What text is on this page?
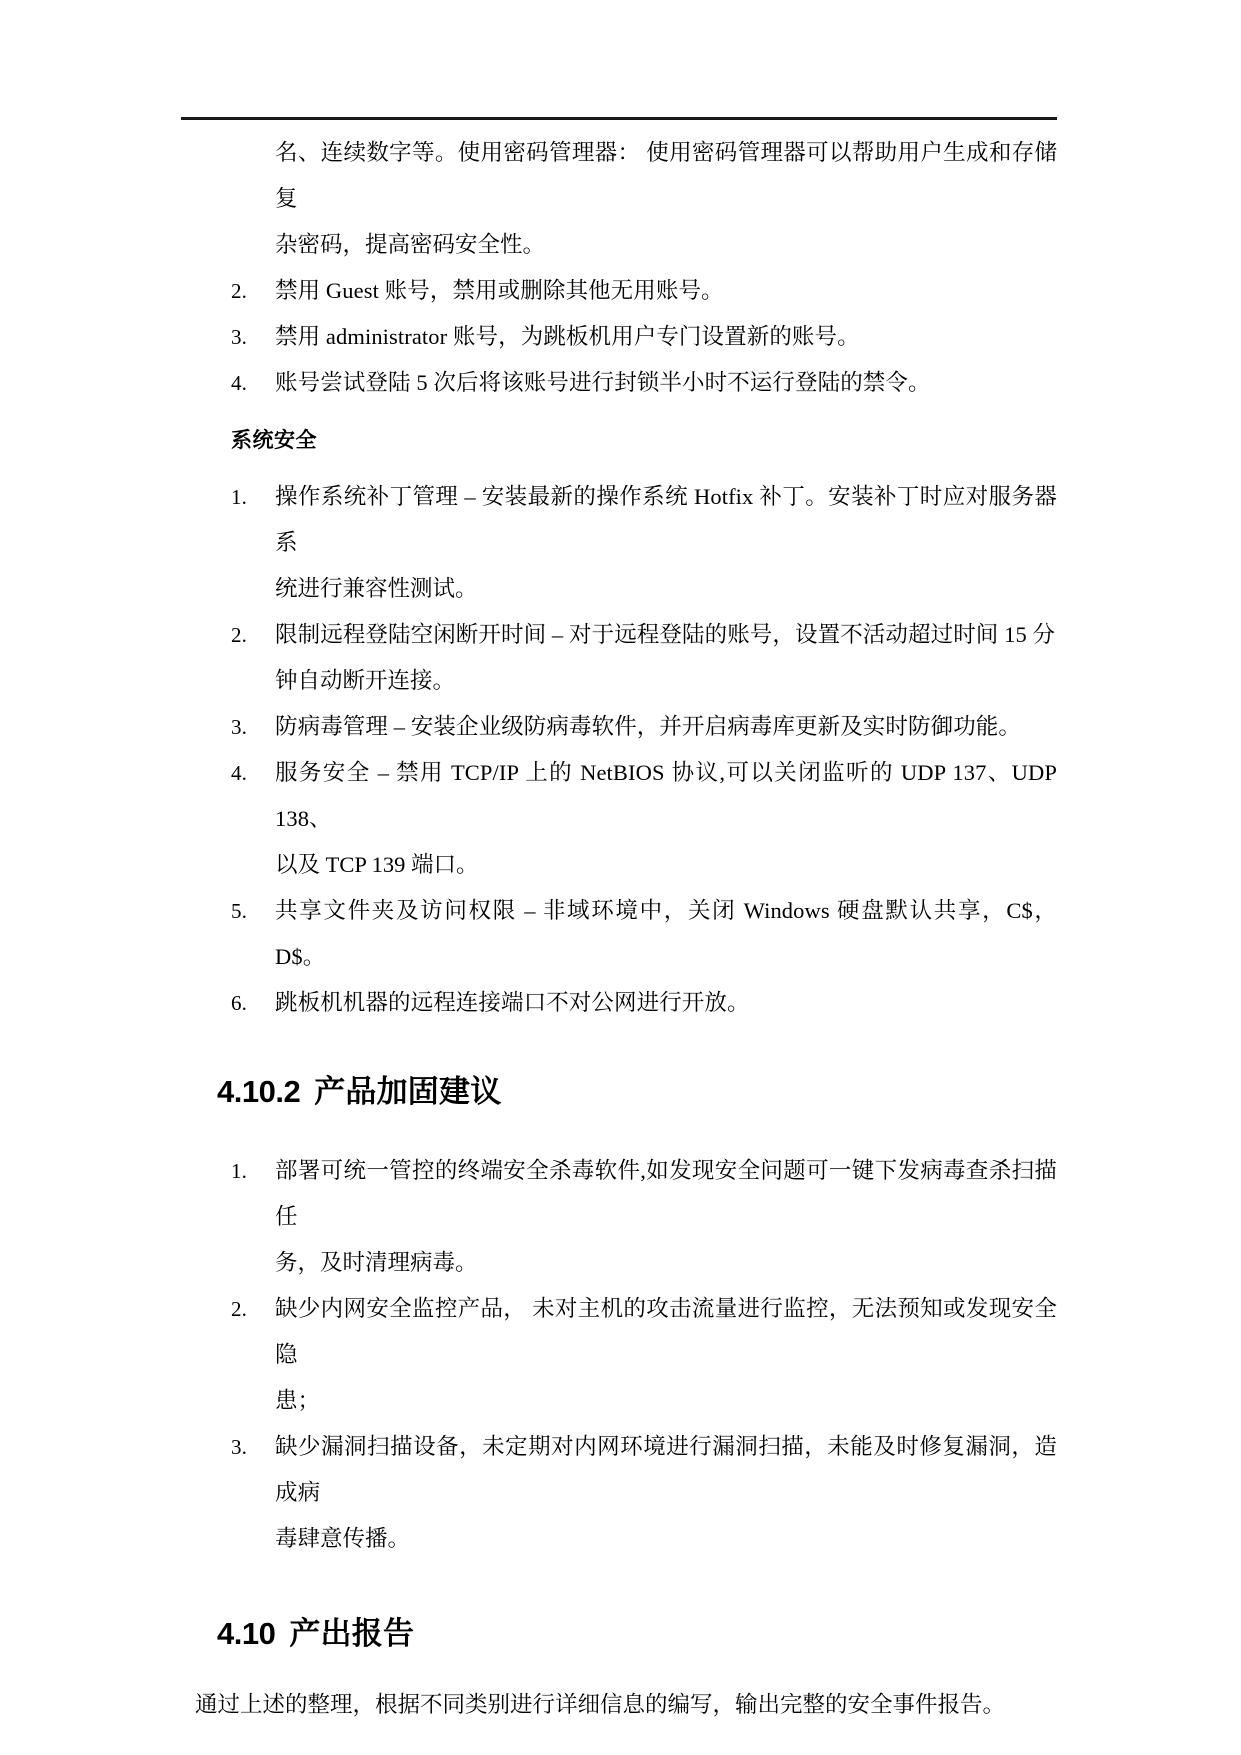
名、连续数字等。使用密码管理器： 使用密码管理器可以帮助用户生成和存储复
杂密码，提高密码安全性。
2.	禁用 Guest 账号，禁用或删除其他无用账号。
3.	禁用 administrator 账号，为跳板机用户专门设置新的账号。
4.	账号尝试登陆 5 次后将该账号进行封锁半小时不运行登陆的禁令。
系统安全
1.	操作系统补丁管理 – 安装最新的操作系统 Hotfix 补丁。安装补丁时应对服务器系
统进行兼容性测试。
2.	限制远程登陆空闲断开时间 – 对于远程登陆的账号，设置不活动超过时间 15 分
钟自动断开连接。
3.	防病毒管理 – 安装企业级防病毒软件，并开启病毒库更新及实时防御功能。
4.	服务安全 – 禁用 TCP/IP 上的 NetBIOS 协议,可以关闭监听的 UDP 137、UDP 138、
以及 TCP 139 端口。
5.	共享文件夹及访问权限 – 非域环境中，关闭 Windows 硬盘默认共享，C$，D$。
6.	跳板机机器的远程连接端口不对公网进行开放。
4.10.2 产品加固建议
1.	部署可统一管控的终端安全杀毒软件,如发现安全问题可一键下发病毒查杀扫描任
务，及时清理病毒。
2.	缺少内网安全监控产品， 未对主机的攻击流量进行监控，无法预知或发现安全隐
患；
3.	缺少漏洞扫描设备，未定期对内网环境进行漏洞扫描，未能及时修复漏洞，造成病
毒肆意传播。
4.10 产出报告
通过上述的整理，根据不同类别进行详细信息的编写，输出完整的安全事件报告。
